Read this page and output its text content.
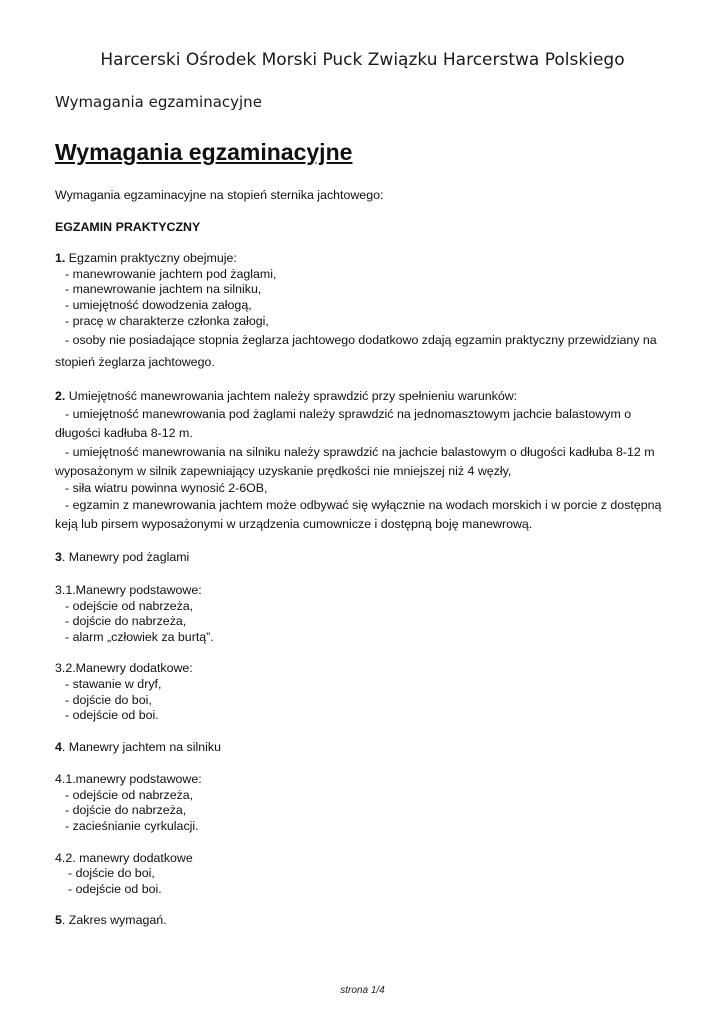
Harcerski Ośrodek Morski Puck Związku Harcerstwa Polskiego
Wymagania egzaminacyjne
Wymagania egzaminacyjne

Wymagania egzaminacyjne na stopień sternika jachtowego:

EGZAMIN PRAKTYCZNY

1. Egzamin praktyczny obejmuje:

- manewrowanie jachtem pod żaglami,

- manewrowanie jachtem na silniku,

- umiejętność dowodzenia załogą,

- pracę w charakterze członka załogi,

- osoby nie posiadające stopnia żeglarza jachtowego dodatkowo zdają egzamin praktyczny przewidziany na stopień żeglarza jachtowego.

2. Umiejętność manewrowania jachtem należy sprawdzić przy spełnieniu warunków:

- umiejętność manewrowania pod żaglami należy sprawdzić na jednomasztowym jachcie balastowym o długości kadłuba 8-12 m.

- umiejętność manewrowania na silniku należy sprawdzić na jachcie balastowym o długości kadłuba 8-12 m wyposażonym w silnik zapewniający uzyskanie prędkości nie mniejszej niż 4 węzły,

- siła wiatru powinna wynosić 2-6OB,

- egzamin z manewrowania jachtem może odbywać się wyłącznie na wodach morskich i w porcie z dostępną keją lub pirsem wyposażonymi w urządzenia cumownicze i dostępną boję manewrową.

3. Manewry pod żaglami

3.1.Manewry podstawowe:

- odejście od nabrzeża,

- dojście do nabrzeża,

- alarm „człowiek za burtą”.

3.2.Manewry dodatkowe:

- stawanie w dryf,

- dojście do boi,

- odejście od boi.

4. Manewry jachtem na silniku

4.1.manewry podstawowe:

- odejście od nabrzeża,

- dojście do nabrzeża,

- zacieśnianie cyrkulacji.

4.2. manewry dodatkowe

- dojście do boi,

- odejście od boi.

5. Zakres wymagań.

strona 1/4
